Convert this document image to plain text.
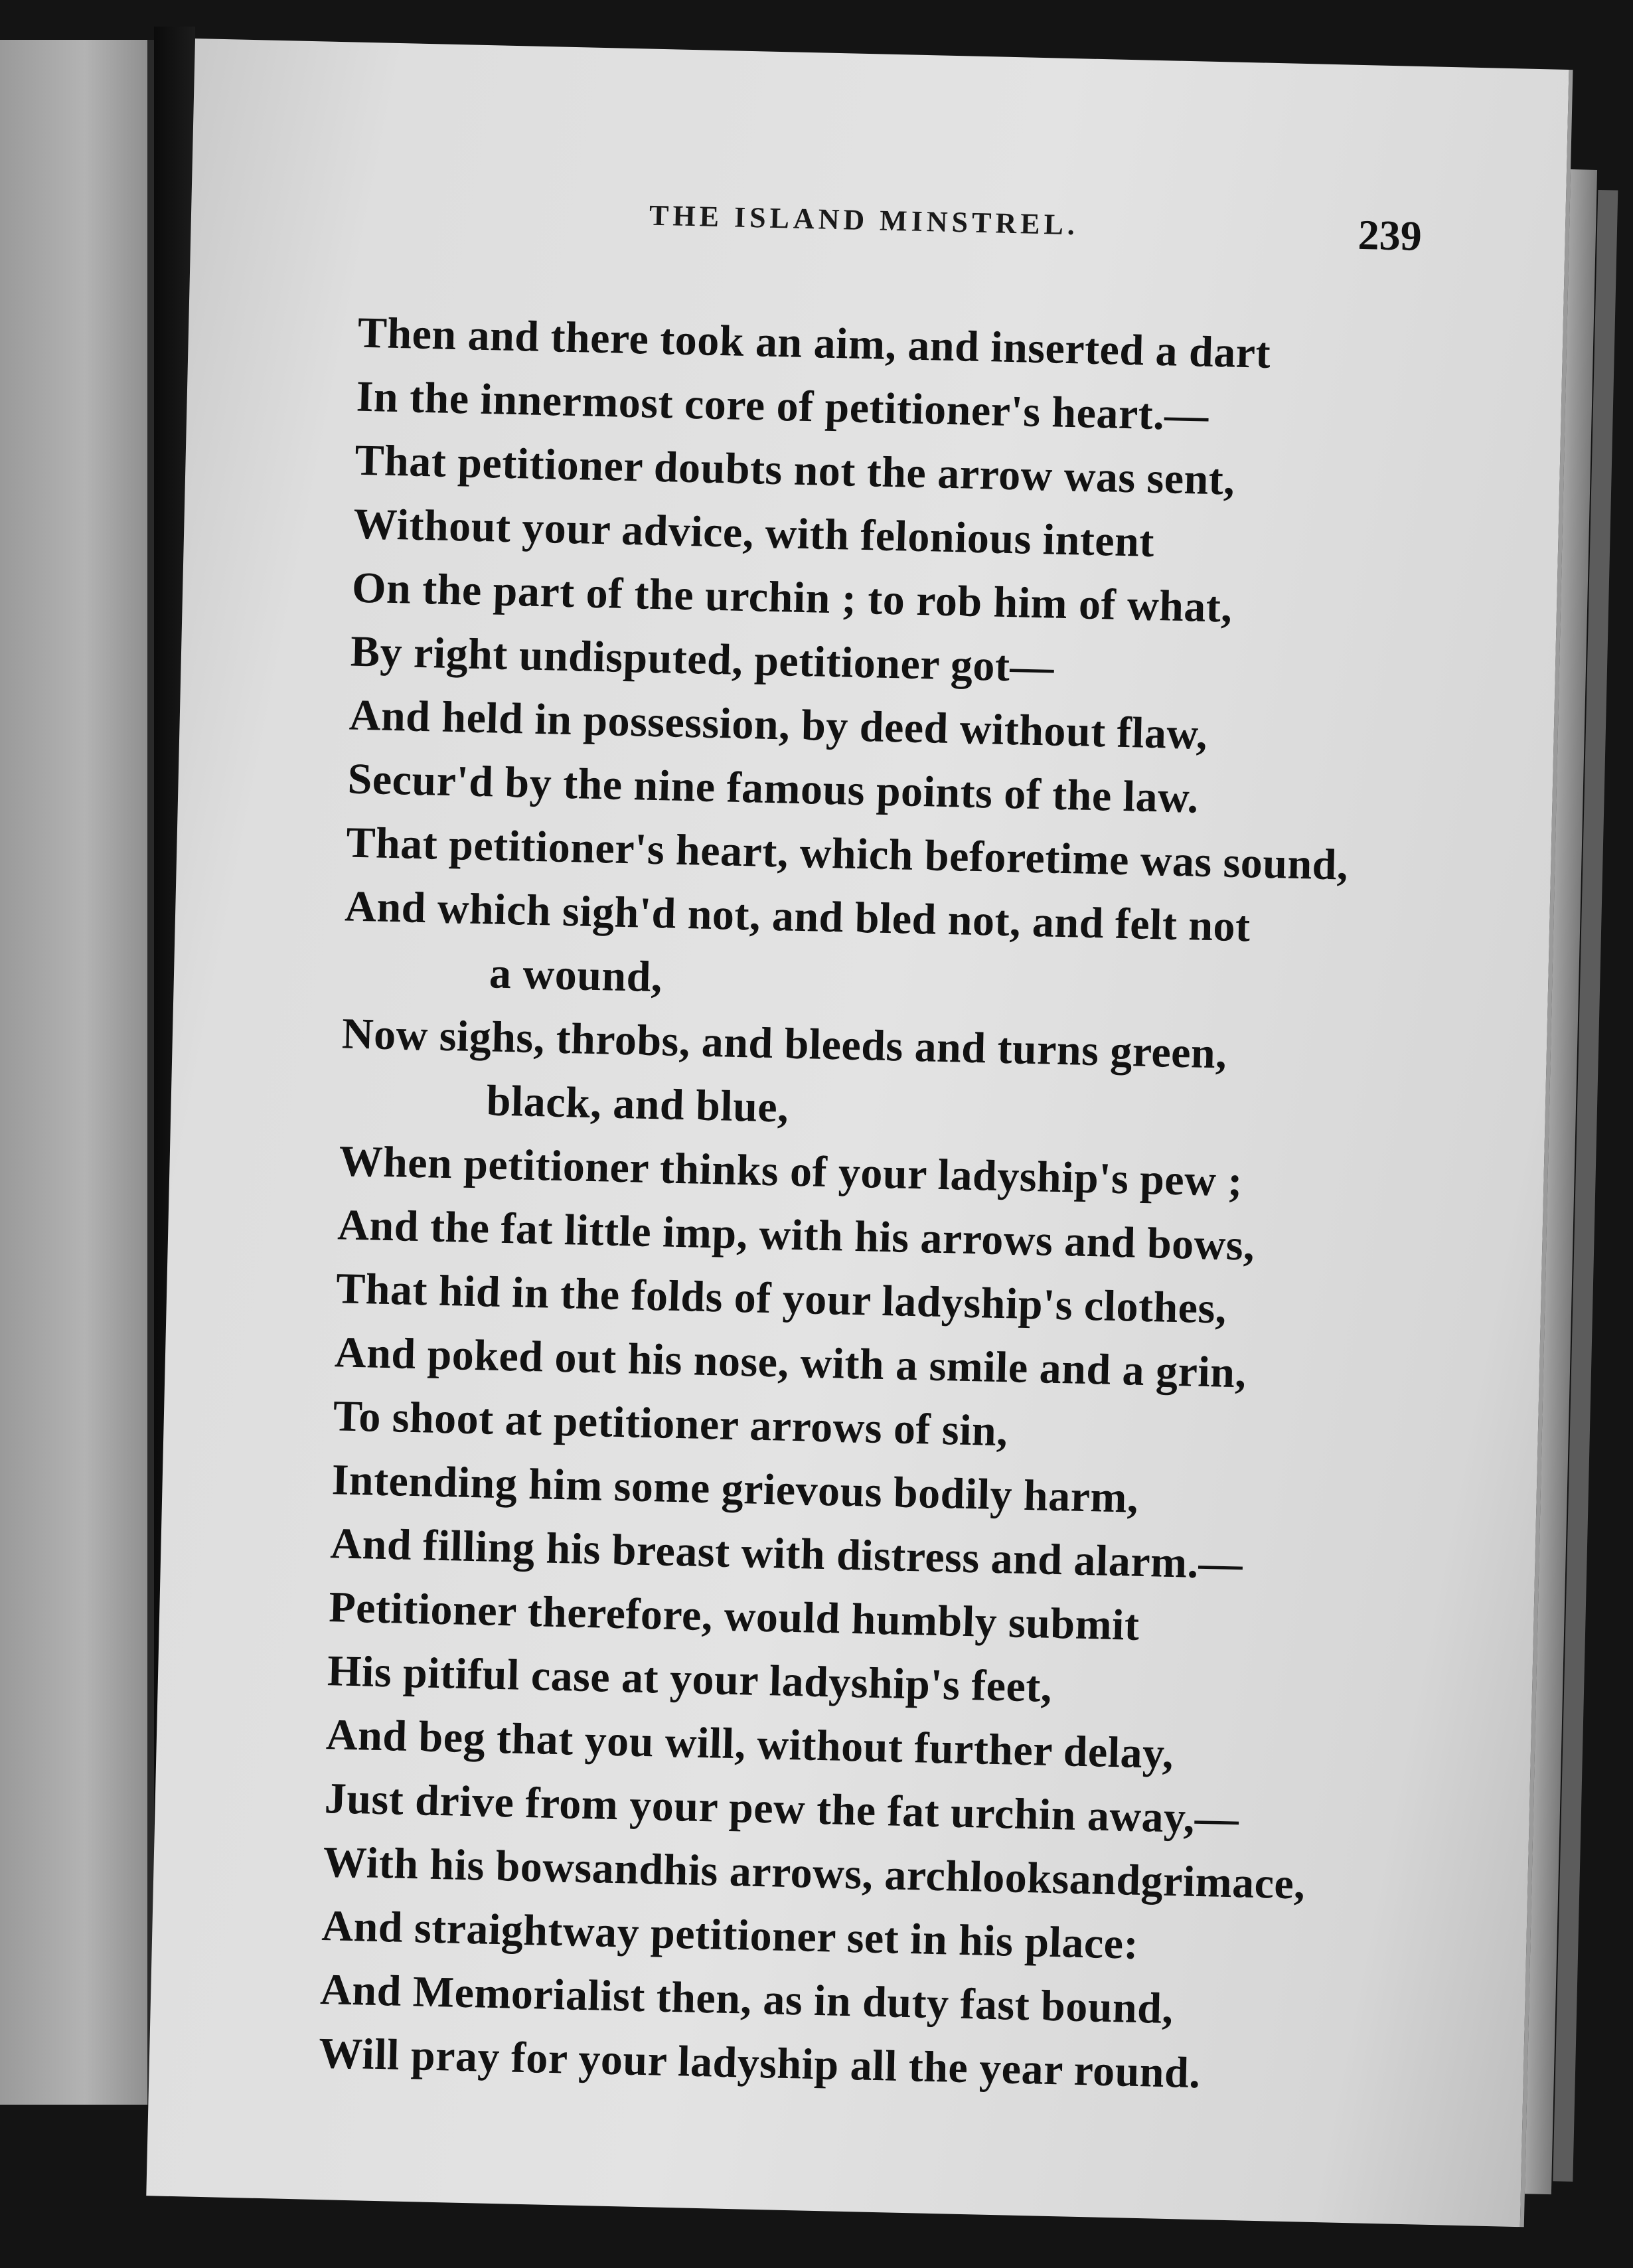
THE ISLAND MINSTREL.	239
Then and there took an aim, and inserted a dart
In the innermost core of petitioner's heart.—
That petitioner doubts not the arrow was sent,
Without your advice, with felonious intent
On the part of the urchin ; to rob him of what,
By right undisputed, petitioner got—
And held in possession, by deed without flaw,
Secur'd by the nine famous points of the law.
That petitioner's heart, which beforetime was sound,
And which sigh'd not, and bled not, and felt not
a wound,
Now sighs, throbs, and bleeds and turns green,
black, and blue,
When petitioner thinks of your ladyship's pew ;
And the fat little imp, with his arrows and bows,
That hid in the folds of your ladyship's clothes,
And poked out his nose, with a smile and a grin,
To shoot at petitioner arrows of sin,
Intending him some grievous bodily harm,
And filling his breast with distress and alarm.—
Petitioner therefore, would humbly submit
His pitiful case at your ladyship's feet,
And beg that you will, without further delay,
Just drive from your pew the fat urchin away,—
With his bowsandhis arrows, archlooksandgrimace,
And straightway petitioner set in his place:
And Memorialist then, as in duty fast bound,
Will pray for your ladyship all the year round.
